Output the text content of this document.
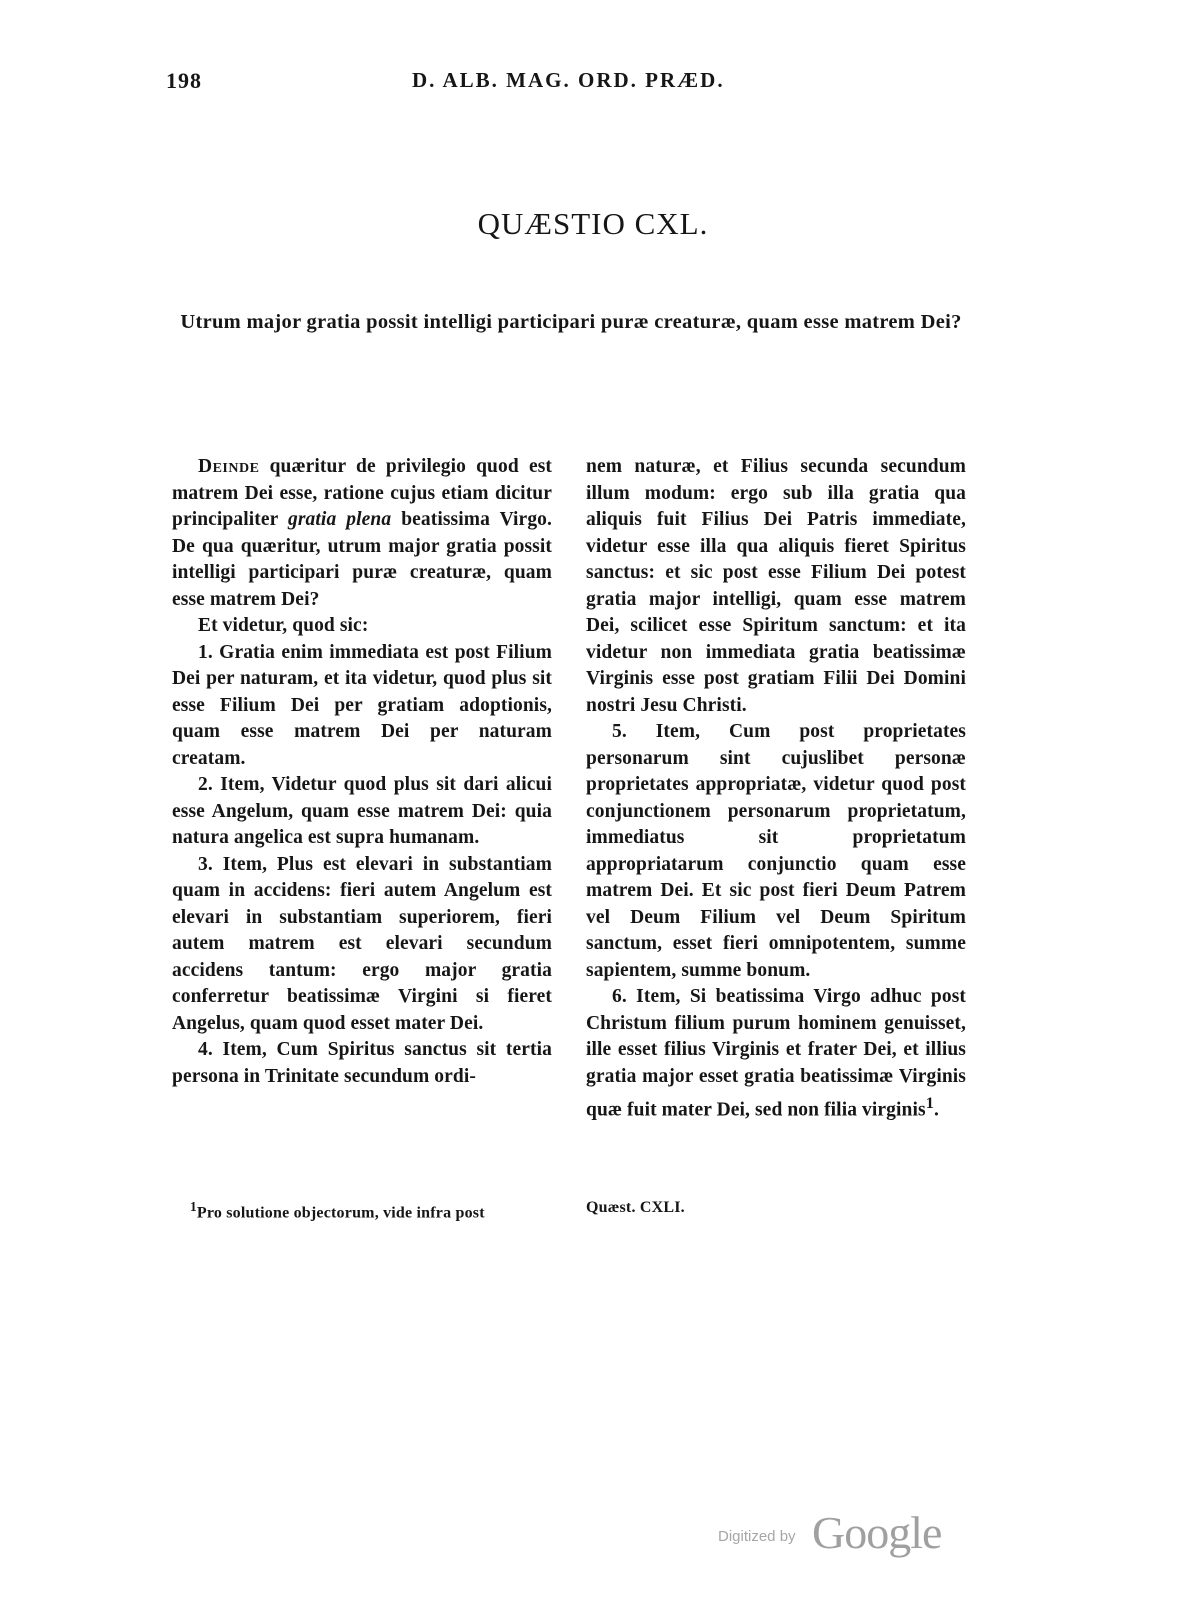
198	D. ALB. MAG. ORD. PRÆD.
QUÆSTIO CXL.
Utrum major gratia possit intelligi participari puræ creaturæ, quam esse matrem Dei?

Deinde quæritur de privilegio quod est matrem Dei esse, ratione cujus etiam dicitur principaliter gratia plena beatissima Virgo. De qua quæritur, utrum major gratia possit intelligi participari puræ creaturæ, quam esse matrem Dei?

Et videtur, quod sic:

1. Gratia enim immediata est post Filium Dei per naturam, et ita videtur, quod plus sit esse Filium Dei per gratiam adoptionis, quam esse matrem Dei per naturam creatam.

2. Item, Videtur quod plus sit dari alicui esse Angelum, quam esse matrem Dei: quia natura angelica est supra humanam.

3. Item, Plus est elevari in substantiam quam in accidens: fieri autem Angelum est elevari in substantiam superiorem, fieri autem matrem est elevari secundum accidens tantum: ergo major gratia conferretur beatissimæ Virgini si fieret Angelus, quam quod esset mater Dei.

4. Item, Cum Spiritus sanctus sit tertia persona in Trinitate secundum ordi-

nem naturæ, et Filius secunda secundum illum modum: ergo sub illa gratia qua aliquis fuit Filius Dei Patris immediate, videtur esse illa qua aliquis fieret Spiritus sanctus: et sic post esse Filium Dei potest gratia major intelligi, quam esse matrem Dei, scilicet esse Spiritum sanctum: et ita videtur non immediata gratia beatissimæ Virginis esse post gratiam Filii Dei Domini nostri Jesu Christi.

5. Item, Cum post proprietates personarum sint cujuslibet personæ proprietates appropriatæ, videtur quod post conjunctionem personarum proprietatum, immediatus sit proprietatum appropriatarum conjunctio quam esse matrem Dei. Et sic post fieri Deum Patrem vel Deum Filium vel Deum Spiritum sanctum, esset fieri omnipotentem, summe sapientem, summe bonum.

6. Item, Si beatissima Virgo adhuc post Christum filium purum hominem genuisset, ille esset filius Virginis et frater Dei, et illius gratia major esset gratia beatissimæ Virginis quæ fuit mater Dei, sed non filia virginis$^1$.

$^1$Pro solutione objectorum, vide infra post	Quæst. CXLI.
Digitized by Google
